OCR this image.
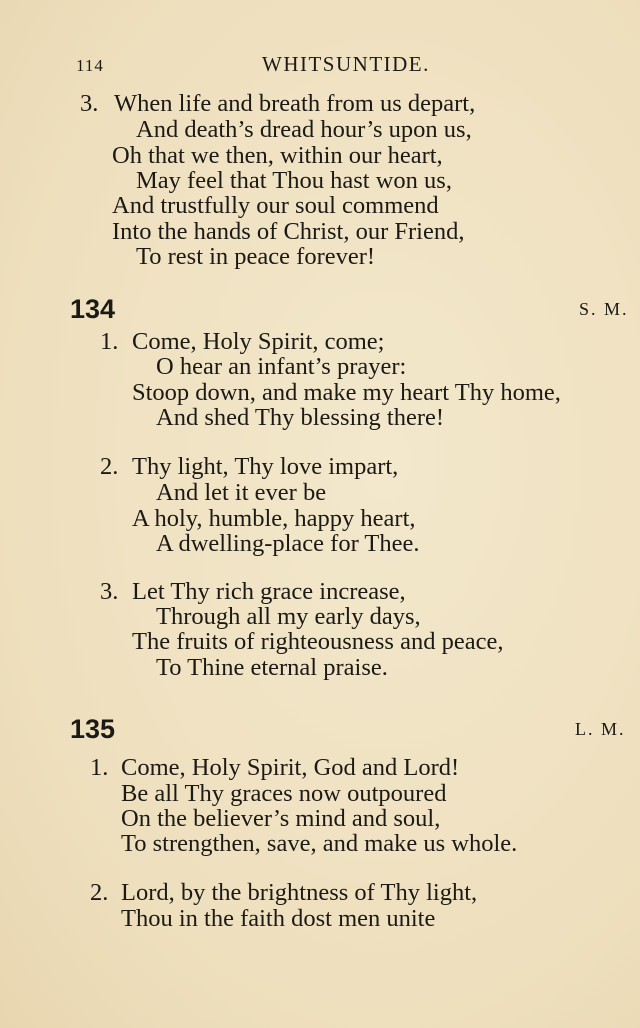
114	WHITSUNTIDE.
3. When life and breath from us depart,
And death’s dread hour’s upon us,
Oh that we then, within our heart,
May feel that Thou hast won us,
And trustfully our soul commend
Into the hands of Christ, our Friend,
To rest in peace forever!
134	S. M.
1. Come, Holy Spirit, come;
O hear an infant’s prayer:
Stoop down, and make my heart Thy home,
And shed Thy blessing there!
2. Thy light, Thy love impart,
And let it ever be
A holy, humble, happy heart,
A dwelling-place for Thee.
3. Let Thy rich grace increase,
Through all my early days,
The fruits of righteousness and peace,
To Thine eternal praise.
135	L. M.
1. Come, Holy Spirit, God and Lord!
Be all Thy graces now outpoured
On the believer’s mind and soul,
To strengthen, save, and make us whole.
2. Lord, by the brightness of Thy light,
Thou in the faith dost men unite
